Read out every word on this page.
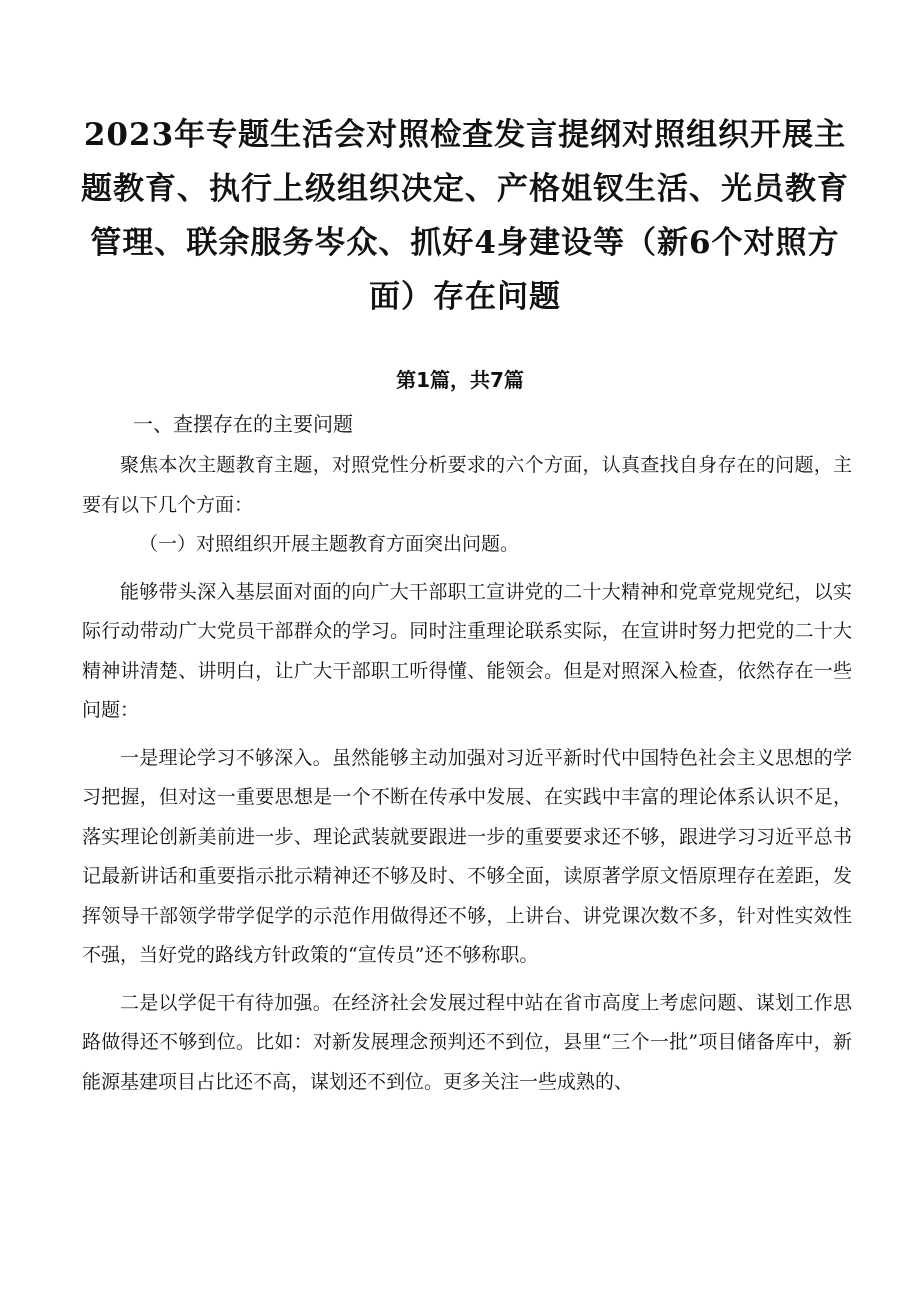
2023年专题生活会对照检查发言提纲对照组织开展主题教育、执行上级组织决定、产格姐钗生活、光员教育管理、联余服务岑众、抓好4身建设等（新6个对照方面）存在问题

第1篇，共7篇

一、查摆存在的主要问题

聚焦本次主题教育主题，对照党性分析要求的六个方面，认真查找自身存在的问题，主要有以下几个方面：

（一）对照组织开展主题教育方面突出问题。

能够带头深入基层面对面的向广大干部职工宣讲党的二十大精神和党章党规党纪，以实际行动带动广大党员干部群众的学习。同时注重理论联系实际，在宣讲时努力把党的二十大精神讲清楚、讲明白，让广大干部职工听得懂、能领会。但是对照深入检查，依然存在一些问题：

一是理论学习不够深入。虽然能够主动加强对习近平新时代中国特色社会主义思想的学习把握，但对这一重要思想是一个不断在传承中发展、在实践中丰富的理论体系认识不足，落实理论创新美前进一步、理论武装就要跟进一步的重要要求还不够，跟进学习习近平总书记最新讲话和重要指示批示精神还不够及时、不够全面，读原著学原文悟原理存在差距，发挥领导干部领学带学促学的示范作用做得还不够，上讲台、讲党课次数不多，针对性实效性不强，当好党的路线方针政策的“宣传员”还不够称职。

二是以学促干有待加强。在经济社会发展过程中站在省市高度上考虑问题、谋划工作思路做得还不够到位。比如：对新发展理念预判还不到位，县里“三个一批”项目储备库中，新能源基建项目占比还不高，谋划还不到位。更多关注一些成熟的、
